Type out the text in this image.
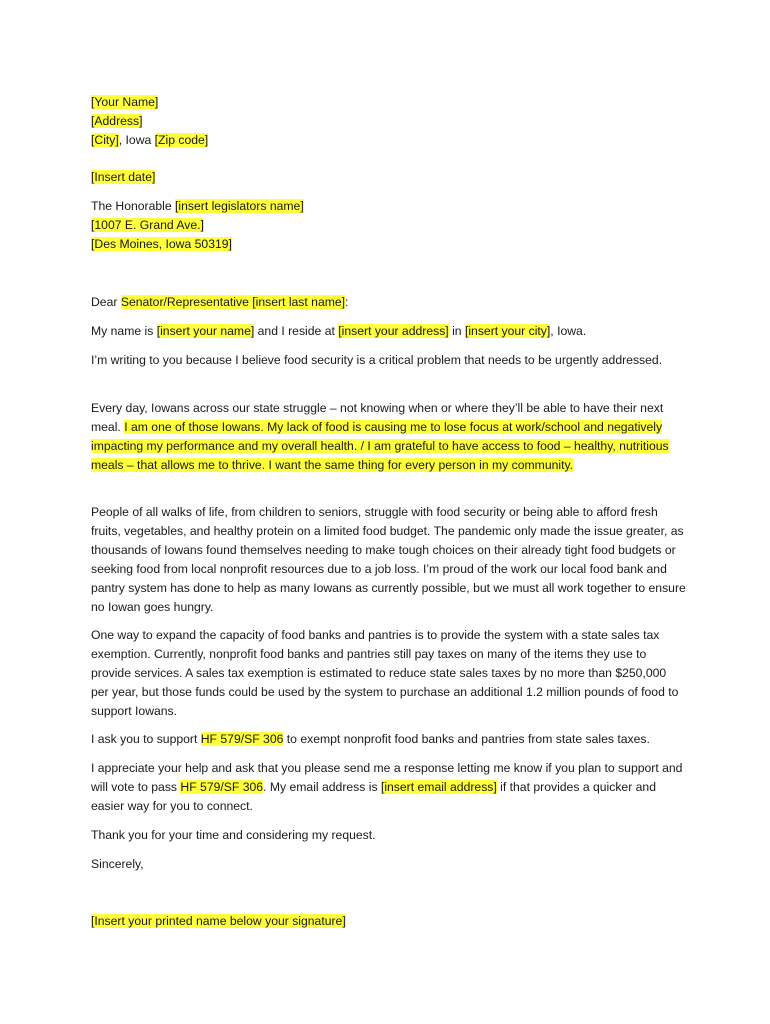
[Your Name]
[Address]
[City], Iowa [Zip code]
[Insert date]
The Honorable [insert legislators name]
[1007 E. Grand Ave.]
[Des Moines, Iowa 50319]
Dear Senator/Representative [insert last name]:
My name is [insert your name] and I reside at [insert your address] in [insert your city], Iowa.

I’m writing to you because I believe food security is a critical problem that needs to be urgently addressed.

Every day, Iowans across our state struggle – not knowing when or where they’ll be able to have their next meal. I am one of those Iowans. My lack of food is causing me to lose focus at work/school and negatively impacting my performance and my overall health. / I am grateful to have access to food – healthy, nutritious meals – that allows me to thrive. I want the same thing for every person in my community.

People of all walks of life, from children to seniors, struggle with food security or being able to afford fresh fruits, vegetables, and healthy protein on a limited food budget. The pandemic only made the issue greater, as thousands of Iowans found themselves needing to make tough choices on their already tight food budgets or seeking food from local nonprofit resources due to a job loss. I’m proud of the work our local food bank and pantry system has done to help as many Iowans as currently possible, but we must all work together to ensure no Iowan goes hungry.

One way to expand the capacity of food banks and pantries is to provide the system with a state sales tax exemption. Currently, nonprofit food banks and pantries still pay taxes on many of the items they use to provide services. A sales tax exemption is estimated to reduce state sales taxes by no more than $250,000 per year, but those funds could be used by the system to purchase an additional 1.2 million pounds of food to support Iowans.

I ask you to support HF 579/SF 306 to exempt nonprofit food banks and pantries from state sales taxes.

I appreciate your help and ask that you please send me a response letting me know if you plan to support and will vote to pass HF 579/SF 306. My email address is [insert email address] if that provides a quicker and easier way for you to connect.

Thank you for your time and considering my request.
Sincerely,
[Insert your printed name below your signature]
